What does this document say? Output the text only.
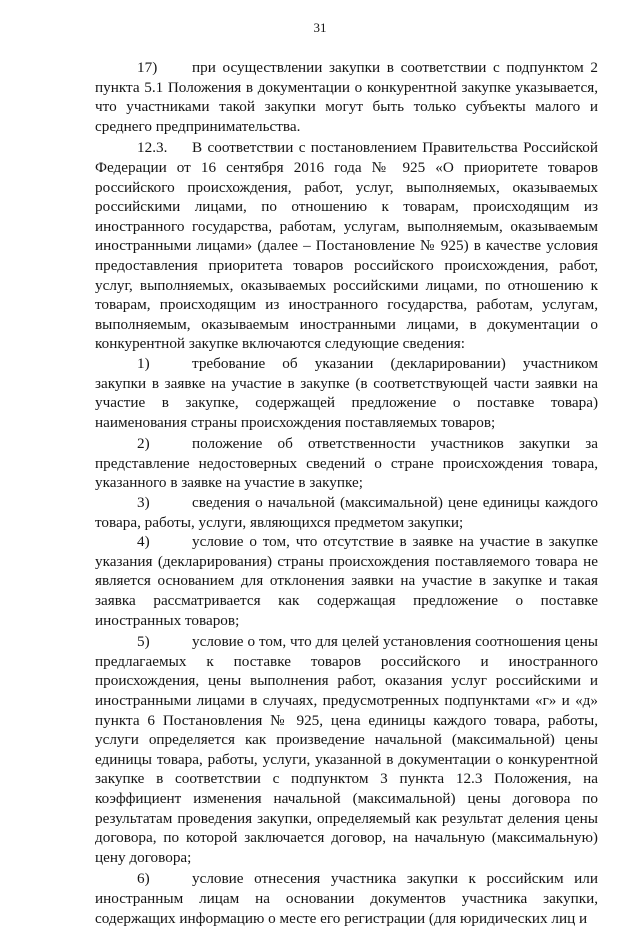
31

17) при осуществлении закупки в соответствии с подпунктом 2 пункта 5.1 Положения в документации о конкурентной закупке указывается, что участниками такой закупки могут быть только субъекты малого и среднего предпринимательства.

12.3. В соответствии с постановлением Правительства Российской Федерации от 16 сентября 2016 года № 925 «О приоритете товаров российского происхождения, работ, услуг, выполняемых, оказываемых российскими лицами, по отношению к товарам, происходящим из иностранного государства, работам, услугам, выполняемым, оказываемым иностранными лицами» (далее – Постановление № 925) в качестве условия предоставления приоритета товаров российского происхождения, работ, услуг, выполняемых, оказываемых российскими лицами, по отношению к товарам, происходящим из иностранного государства, работам, услугам, выполняемым, оказываемым иностранными лицами, в документации о конкурентной закупке включаются следующие сведения:

1)	требование об указании (декларировании) участником закупки в заявке на участие в закупке (в соответствующей части заявки на участие в закупке, содержащей предложение о поставке товара) наименования страны происхождения поставляемых товаров;

2)	положение об ответственности участников закупки за представление недостоверных сведений о стране происхождения товара, указанного в заявке на участие в закупке;

3)	сведения о начальной (максимальной) цене единицы каждого товара, работы, услуги, являющихся предметом закупки;

4)	условие о том, что отсутствие в заявке на участие в закупке указания (декларирования) страны происхождения поставляемого товара не является основанием для отклонения заявки на участие в закупке и такая заявка рассматривается как содержащая предложение о поставке иностранных товаров;

5)	условие о том, что для целей установления соотношения цены предлагаемых к поставке товаров российского и иностранного происхождения, цены выполнения работ, оказания услуг российскими и иностранными лицами в случаях, предусмотренных подпунктами «г» и «д» пункта 6 Постановления № 925, цена единицы каждого товара, работы, услуги определяется как произведение начальной (максимальной) цены единицы товара, работы, услуги, указанной в документации о конкурентной закупке в соответствии с подпунктом 3 пункта 12.3 Положения, на коэффициент изменения начальной (максимальной) цены договора по результатам проведения закупки, определяемый как результат деления цены договора, по которой заключается договор, на начальную (максимальную) цену договора;

6)	условие отнесения участника закупки к российским или иностранным лицам на основании документов участника закупки, содержащих информацию о месте его регистрации (для юридических лиц и
